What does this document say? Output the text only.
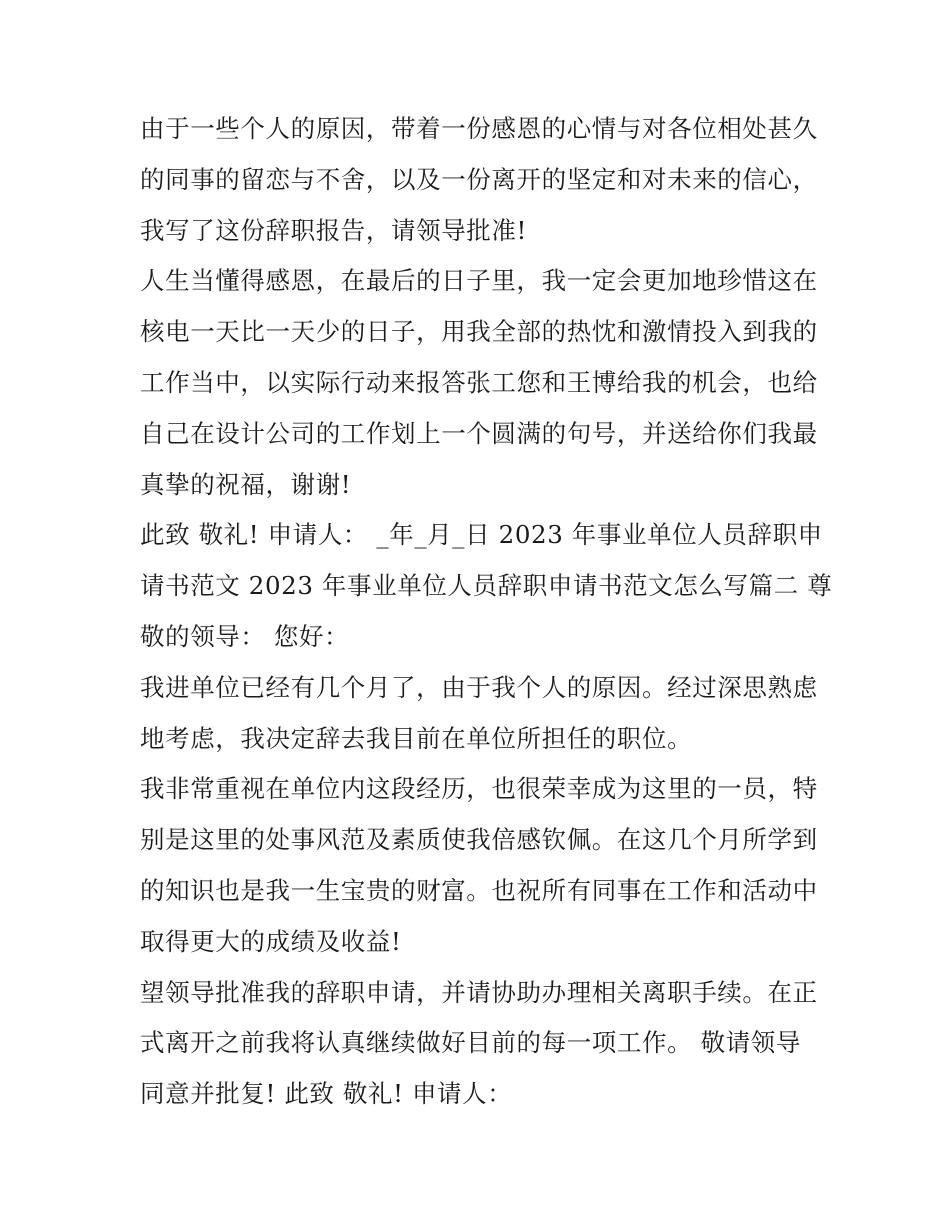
由于一些个人的原因，带着一份感恩的心情与对各位相处甚久
的同事的留恋与不舍，以及一份离开的坚定和对未来的信心，
我写了这份辞职报告，请领导批准!
人生当懂得感恩，在最后的日子里，我一定会更加地珍惜这在
核电一天比一天少的日子，用我全部的热忱和激情投入到我的
工作当中，以实际行动来报答张工您和王博给我的机会，也给
自己在设计公司的工作划上一个圆满的句号，并送给你们我最
真挚的祝福，谢谢!
此致 敬礼! 申请人： _年_月_日 2023 年事业单位人员辞职申
请书范文 2023 年事业单位人员辞职申请书范文怎么写篇二 尊
敬的领导： 您好：
我进单位已经有几个月了，由于我个人的原因。经过深思熟虑
地考虑，我决定辞去我目前在单位所担任的职位。
我非常重视在单位内这段经历，也很荣幸成为这里的一员，特
别是这里的处事风范及素质使我倍感钦佩。在这几个月所学到
的知识也是我一生宝贵的财富。也祝所有同事在工作和活动中
取得更大的成绩及收益!
望领导批准我的辞职申请，并请协助办理相关离职手续。在正
式离开之前我将认真继续做好目前的每一项工作。 敬请领导
同意并批复! 此致 敬礼! 申请人：
